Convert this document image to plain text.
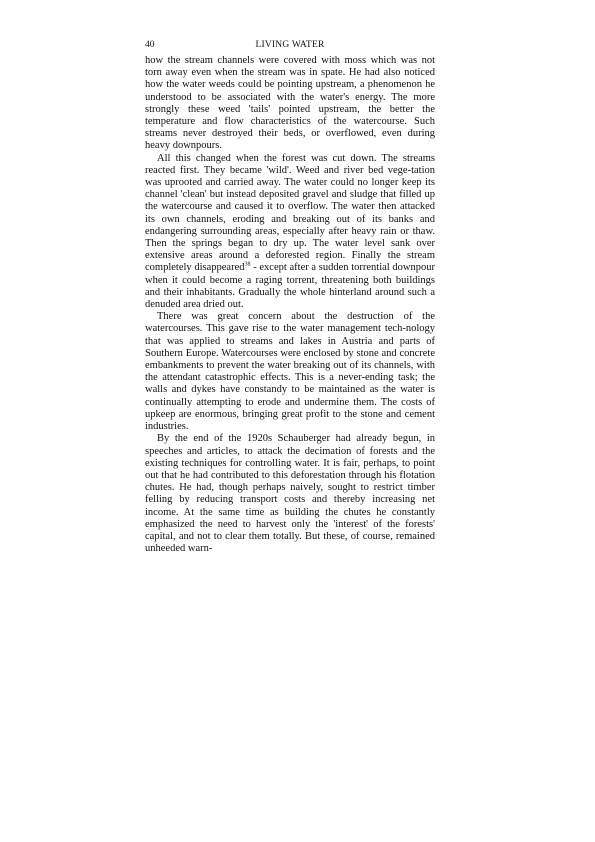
40	LIVING WATER

how the stream channels were covered with moss which was not torn away even when the stream was in spate. He had also noticed how the water weeds could be pointing upstream, a phenomenon he understood to be associated with the water's energy. The more strongly these weed 'tails' pointed upstream, the better the temperature and flow characteristics of the watercourse. Such streams never destroyed their beds, or overflowed, even during heavy downpours.

All this changed when the forest was cut down. The streams reacted first. They became 'wild'. Weed and river bed vege-tation was uprooted and carried away. The water could no longer keep its channel 'clean' but instead deposited gravel and sludge that filled up the watercourse and caused it to overflow. The water then attacked its own channels, eroding and breaking out of its banks and endangering surrounding areas, especially after heavy rain or thaw. Then the springs began to dry up. The water level sank over extensive areas around a deforested region. Finally the stream completely disappeared$^{38}$ - except after a sudden torrential downpour when it could become a raging torrent, threatening both buildings and their inhabitants. Gradually the whole hinterland around such a denuded area dried out.

There was great concern about the destruction of the watercourses. This gave rise to the water management tech-nology that was applied to streams and lakes in Austria and parts of Southern Europe. Watercourses were enclosed by stone and concrete embankments to prevent the water breaking out of its channels, with the attendant catastrophic effects. This is a never-ending task; the walls and dykes have constandy to be maintained as the water is continually attempting to erode and undermine them. The costs of upkeep are enormous, bringing great profit to the stone and cement industries.

By the end of the 1920s Schauberger had already begun, in speeches and articles, to attack the decimation of forests and the existing techniques for controlling water. It is fair, perhaps, to point out that he had contributed to this deforestation through his flotation chutes. He had, though perhaps naively, sought to restrict timber felling by reducing transport costs and thereby increasing net income. At the same time as building the chutes he constantly emphasized the need to harvest only the 'interest' of the forests' capital, and not to clear them totally. But these, of course, remained unheeded warn-
